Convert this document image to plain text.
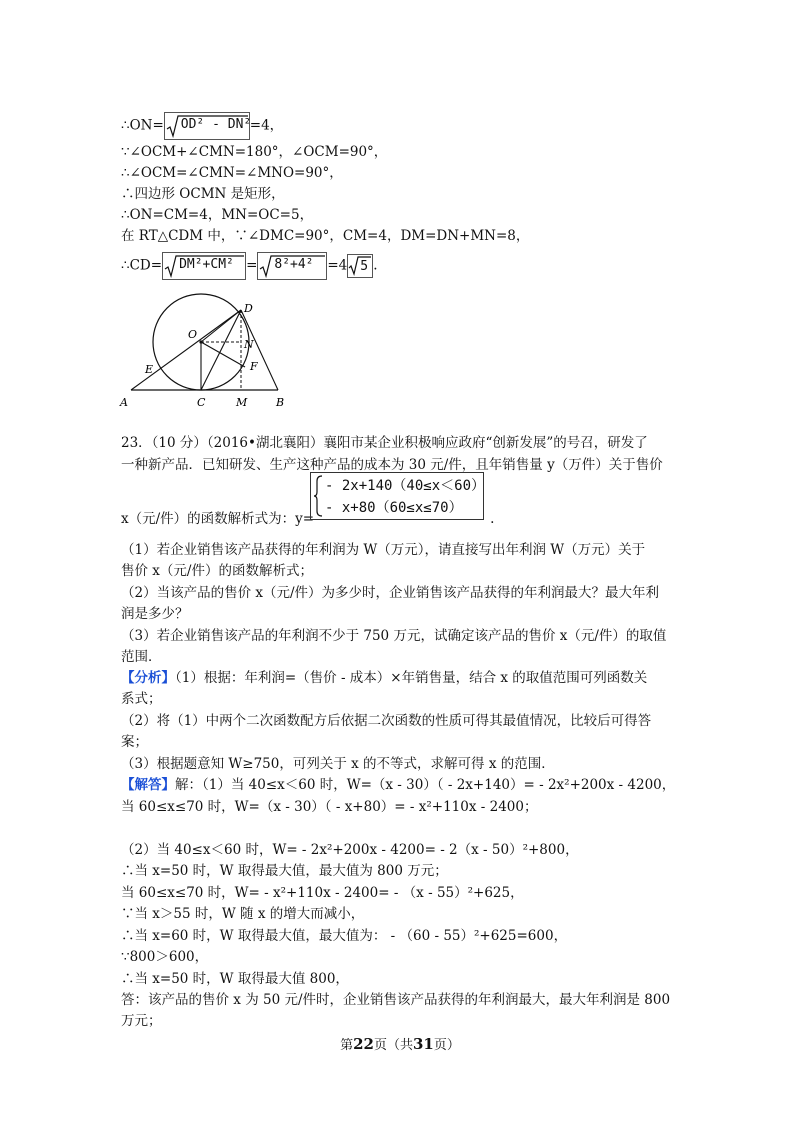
∴ON= OD² - DN²
=4，
∵∠OCM+∠CMN=180°，∠OCM=90°，
∴∠OCM=∠CMN=∠MNO=90°，
∴四边形 OCMN 是矩形，
∴ON=CM=4，MN=OC=5，
在 RT△CDM 中，∵∠DMC=90°，CM=4，DM=DN+MN=8，
∴CD= DM²+CM² = 8²+4² =4 5 .
D
O
N
E	F
A	C	M	B
23．（10 分）（2016•湖北襄阳）襄阳市某企业积极响应政府“创新发展”的号召，研发了
一种新产品．已知研发、生产这种产品的成本为 30 元/件，且年销售量 y（万件）关于售价
x（元/件）的函数解析式为：y=	.
- 2x+140（40≤x＜60）
- x+80（60≤x≤70）
（1）若企业销售该产品获得的年利润为 W（万元），请直接写出年利润 W（万元）关于
售价 x（元/件）的函数解析式；
（2）当该产品的售价 x（元/件）为多少时，企业销售该产品获得的年利润最大？最大年利
润是多少？
（3）若企业销售该产品的年利润不少于 750 万元，试确定该产品的售价 x（元/件）的取值
范围．
【分析】（1）根据：年利润=（售价 - 成本）×年销售量，结合 x 的取值范围可列函数关
系式；
（2）将（1）中两个二次函数配方后依据二次函数的性质可得其最值情况，比较后可得答
案；
（3）根据题意知 W≥750，可列关于 x 的不等式，求解可得 x 的范围．
【解答】解：（1）当 40≤x＜60 时，W=（x - 30）（ - 2x+140）= - 2x²+200x - 4200，
当 60≤x≤70 时，W=（x - 30）（ - x+80）= - x²+110x - 2400；
（2）当 40≤x＜60 时，W= - 2x²+200x - 4200= - 2（x - 50）²+800，
∴当 x=50 时，W 取得最大值，最大值为 800 万元；
当 60≤x≤70 时，W= - x²+110x - 2400= - （x - 55）²+625，
∵当 x＞55 时，W 随 x 的增大而减小，
∴当 x=60 时，W 取得最大值，最大值为： - （60 - 55）²+625=600，
∵800＞600，
∴当 x=50 时，W 取得最大值 800，
答：该产品的售价 x 为 50 元/件时，企业销售该产品获得的年利润最大，最大年利润是 800
万元；
第22页（共31页）
